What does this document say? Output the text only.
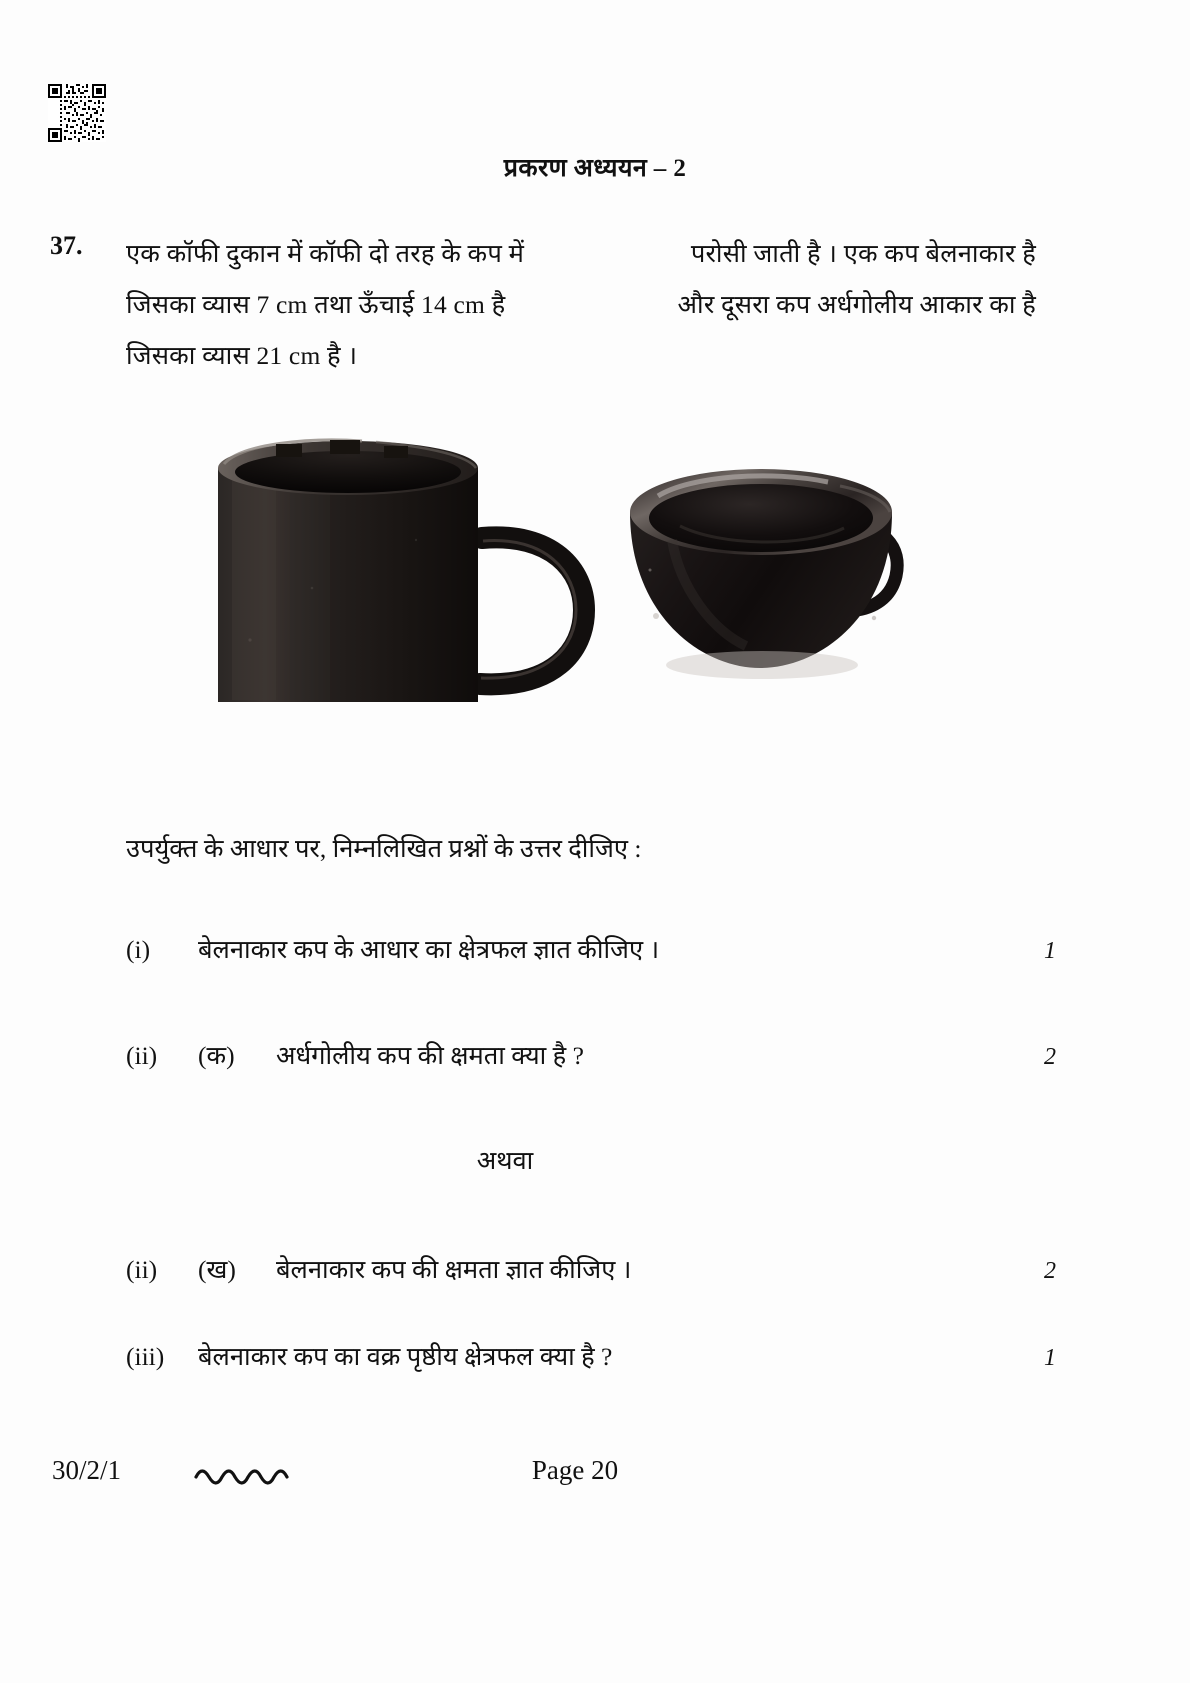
प्रकरण अध्ययन – 2
37. एक कॉफी दुकान में कॉफी दो तरह के कप में	परोसी जाती है । एक कप बेलनाकार है
जिसका व्यास 7 cm तथा ऊँचाई 14 cm है	और दूसरा कप अर्धगोलीय आकार का है
जिसका व्यास 21 cm है ।
उपर्युक्त के आधार पर, निम्नलिखित प्रश्नों के उत्तर दीजिए :
(i)	बेलनाकार कप के आधार का क्षेत्रफल ज्ञात कीजिए ।	1
(ii)	(क)	अर्धगोलीय कप की क्षमता क्या है ?	2
अथवा
(ii)	(ख)	बेलनाकार कप की क्षमता ज्ञात कीजिए ।	2
(iii)	बेलनाकार कप का वक्र पृष्ठीय क्षेत्रफल क्या है ?	1
30/2/1	Page 20
